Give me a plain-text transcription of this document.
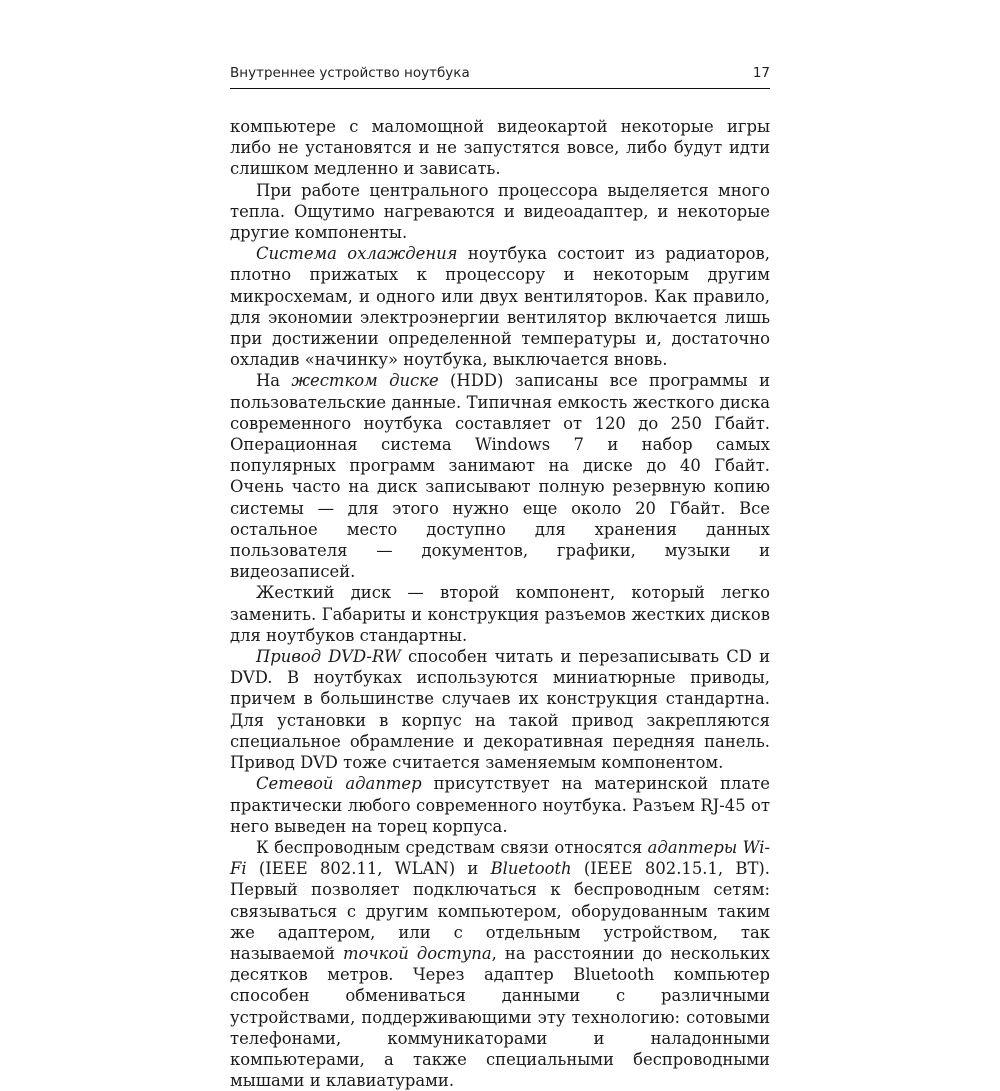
Внутреннее устройство ноутбука	17

компьютере с маломощной видеокартой некоторые игры либо не установятся и не запустятся вовсе, либо будут идти слишком медленно и зависать.

При работе центрального процессора выделяется много тепла. Ощутимо нагреваются и видеоадаптер, и некоторые другие компоненты.

Система охлаждения ноутбука состоит из радиаторов, плотно прижатых к процессору и некоторым другим микросхемам, и одного или двух вентиляторов. Как правило, для экономии электроэнергии вентилятор включается лишь при достижении определенной температуры и, достаточно охладив «начинку» ноутбука, выключается вновь.

На жестком диске (HDD) записаны все программы и пользовательские данные. Типичная емкость жесткого диска современного ноутбука составляет от 120 до 250 Гбайт. Операционная система Windows 7 и набор самых популярных программ занимают на диске до 40 Гбайт. Очень часто на диск записывают полную резервную копию системы — для этого нужно еще около 20 Гбайт. Все остальное место доступно для хранения данных пользователя — документов, графики, музыки и видеозаписей.

Жесткий диск — второй компонент, который легко заменить. Габариты и конструкция разъемов жестких дисков для ноутбуков стандартны.

Привод DVD-RW способен читать и перезаписывать CD и DVD. В ноутбуках используются миниатюрные приводы, причем в большинстве случаев их конструкция стандартна. Для установки в корпус на такой привод закрепляются специальное обрамление и декоративная передняя панель. Привод DVD тоже считается заменяемым компонентом.

Сетевой адаптер присутствует на материнской плате практически любого современного ноутбука. Разъем RJ-45 от него выведен на торец корпуса.

К беспроводным средствам связи относятся адаптеры Wi-Fi (IEEE 802.11, WLAN) и Bluetooth (IEEE 802.15.1, BT). Первый позволяет подключаться к беспроводным сетям: связываться с другим компьютером, оборудованным таким же адаптером, или с отдельным устройством, так называемой точкой доступа, на расстоянии до нескольких десятков метров. Через адаптер Bluetooth компьютер способен обмениваться данными с различными устройствами, поддерживающими эту технологию: сотовыми телефонами, коммуникаторами и наладонными компьютерами, а также специальными беспроводными мышами и клавиатурами.
